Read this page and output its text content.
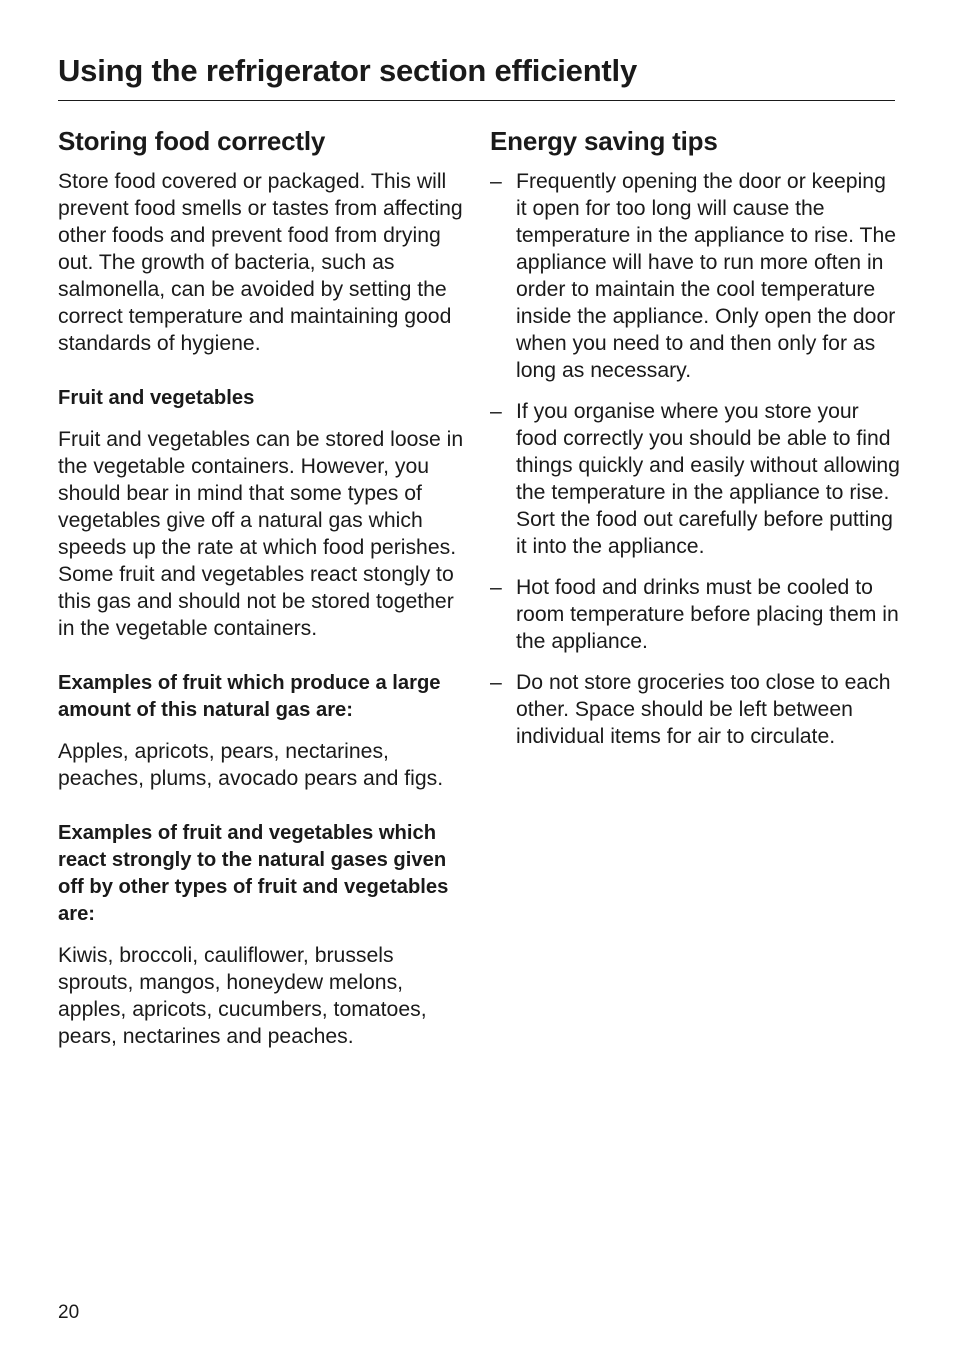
Using the refrigerator section efficiently
Storing food correctly

Store food covered or packaged. This will prevent food smells or tastes from affecting other foods and prevent food from drying out. The growth of bacteria, such as salmonella, can be avoided by setting the correct temperature and maintaining good standards of hygiene.

Fruit and vegetables

Fruit and vegetables can be stored loose in the vegetable containers. However, you should bear in mind that some types of vegetables give off a natural gas which speeds up the rate at which food perishes. Some fruit and vegetables react stongly to this gas and should not be stored together in the vegetable containers.

Examples of fruit which produce a large amount of this natural gas are:

Apples, apricots, pears, nectarines, peaches, plums, avocado pears and figs.

Examples of fruit and vegetables which react strongly to the natural gases given off by other types of fruit and vegetables are:

Kiwis, broccoli, cauliflower, brussels sprouts, mangos, honeydew melons, apples, apricots, cucumbers, tomatoes, pears, nectarines and peaches.

Energy saving tips
– Frequently opening the door or keeping it open for too long will cause the temperature in the appliance to rise. The appliance will have to run more often in order to maintain the cool temperature inside the appliance. Only open the door when you need to and then only for as long as necessary.
– If you organise where you store your food correctly you should be able to find things quickly and easily without allowing the temperature in the appliance to rise. Sort the food out carefully before putting it into the appliance.
– Hot food and drinks must be cooled to room temperature before placing them in the appliance.
– Do not store groceries too close to each other. Space should be left between individual items for air to circulate.
20
